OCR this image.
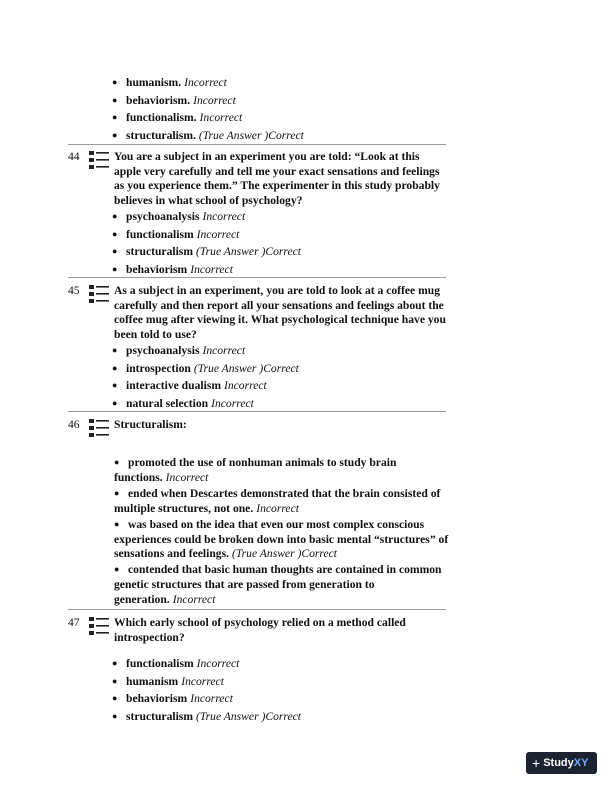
● humanism. Incorrect
● behaviorism. Incorrect
● functionalism. Incorrect
● structuralism. (True Answer )Correct
44	You are a subject in an experiment you are told: “Look at this apple very carefully and tell me your exact sensations and feelings as you experience them.” The experimenter in this study probably believes in what school of psychology?
● psychoanalysis Incorrect
● functionalism Incorrect
● structuralism (True Answer )Correct
● behaviorism Incorrect
45	As a subject in an experiment, you are told to look at a coffee mug carefully and then report all your sensations and feelings about the coffee mug after viewing it. What psychological technique have you been told to use?
● psychoanalysis Incorrect
● introspection (True Answer )Correct
● interactive dualism Incorrect
● natural selection Incorrect
46	Structuralism:
● promoted the use of nonhuman animals to study brain functions. Incorrect
● ended when Descartes demonstrated that the brain consisted of multiple structures, not one. Incorrect
● was based on the idea that even our most complex conscious experiences could be broken down into basic mental “structures” of sensations and feelings. (True Answer )Correct
● contended that basic human thoughts are contained in common genetic structures that are passed from generation to generation. Incorrect
47	Which early school of psychology relied on a method called introspection?
● functionalism Incorrect
● humanism Incorrect
● behaviorism Incorrect
● structuralism (True Answer )Correct
+ Study XY
